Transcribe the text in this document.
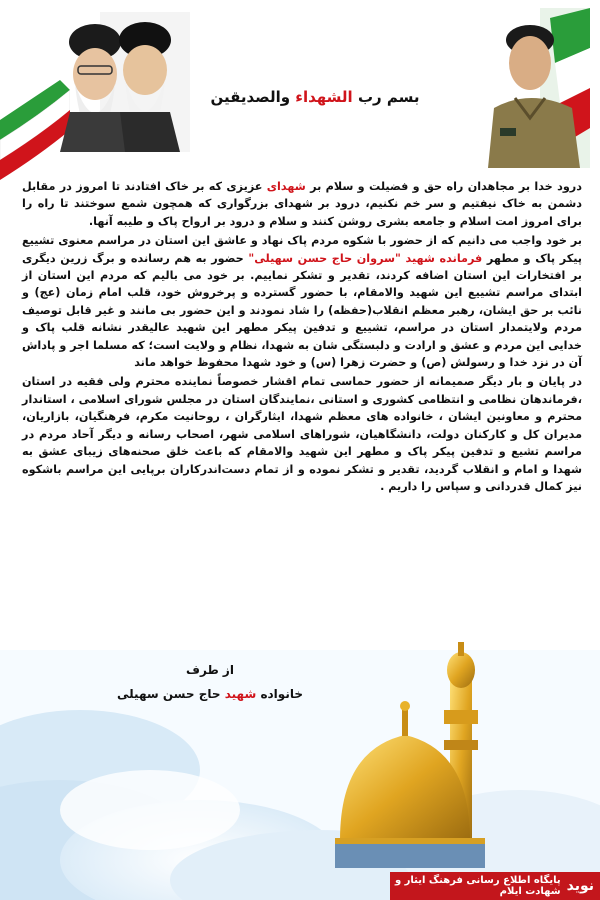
بسم رب الشهداء والصدیقین

درود خدا بر مجاهدان راه حق و فضیلت و سلام بر شهدای عزیزی که بر خاک افتادند تا امروز در مقابل دشمن به خاک نیفتیم و سر خم نکنیم، درود بر شهدای بزرگواری که همچون شمع سوختند تا راه را برای امروز امت اسلام و جامعه بشری روشن کنند و سلام و درود بر ارواح پاک و طیبه آنها.

بر خود واجب می دانیم که از حضور با شکوه مردم پاک نهاد و عاشق این استان در مراسم معنوی تشییع پیکر پاک و مطهر فرمانده شهید "سروان حاج حسن سهیلی" حضور به هم رسانده و برگ زرین دیگری بر افتخارات این استان اضافه کردند، تقدیر و تشکر نماییم. بر خود می بالیم که مردم این استان از ابتدای مراسم تشییع این شهید والامقام، با حضور گسترده و پرخروش خود، قلب امام زمان (عج) و نائب بر حق ایشان، رهبر معظم انقلاب(حفظه) را شاد نمودند و این حضور بی مانند و غیر قابل توصیف مردم ولایتمدار استان در مراسم، تشییع و تدفین پیکر مطهر این شهید عالیقدر نشانه قلب پاک و خدایی این مردم و عشق و ارادت و دلبستگی شان به شهدا، نظام و ولایت است؛ که مسلما اجر و پاداش آن در نزد خدا و رسولش (ص) و حضرت زهرا (س) و خود شهدا محفوظ خواهد ماند

در پایان و بار دیگر صمیمانه از حضور حماسی تمام اقشار خصوصاً نماینده محترم ولی فقیه در استان ،فرماندهان نظامی و انتظامی کشوری و استانی ،نمایندگان استان در مجلس شورای اسلامی ، استاندار محترم و معاونین ایشان ، خانواده های معظم شهدا، ایثارگران ، روحانیت مکرم، فرهنگیان، بازاریان، مدیران کل و کارکنان دولت، دانشگاهیان، شوراهای اسلامی شهر، اصحاب رسانه و دیگر آحاد مردم در مراسم تشیع و تدفین پیکر پاک و مطهر این شهید والامقام که باعث خلق صحنه‌های زیبای عشق به شهدا و امام و انقلاب گردید، تقدیر و تشکر نموده و از تمام دست‌اندرکاران برپایی این مراسم باشکوه نیز کمال قدردانی و سپاس را داریم .

از طرف
خانواده شهید حاج حسن سهیلی
نوید
پایگاه اطلاع رسانی فرهنگ ایثار و شهادت ایلام
